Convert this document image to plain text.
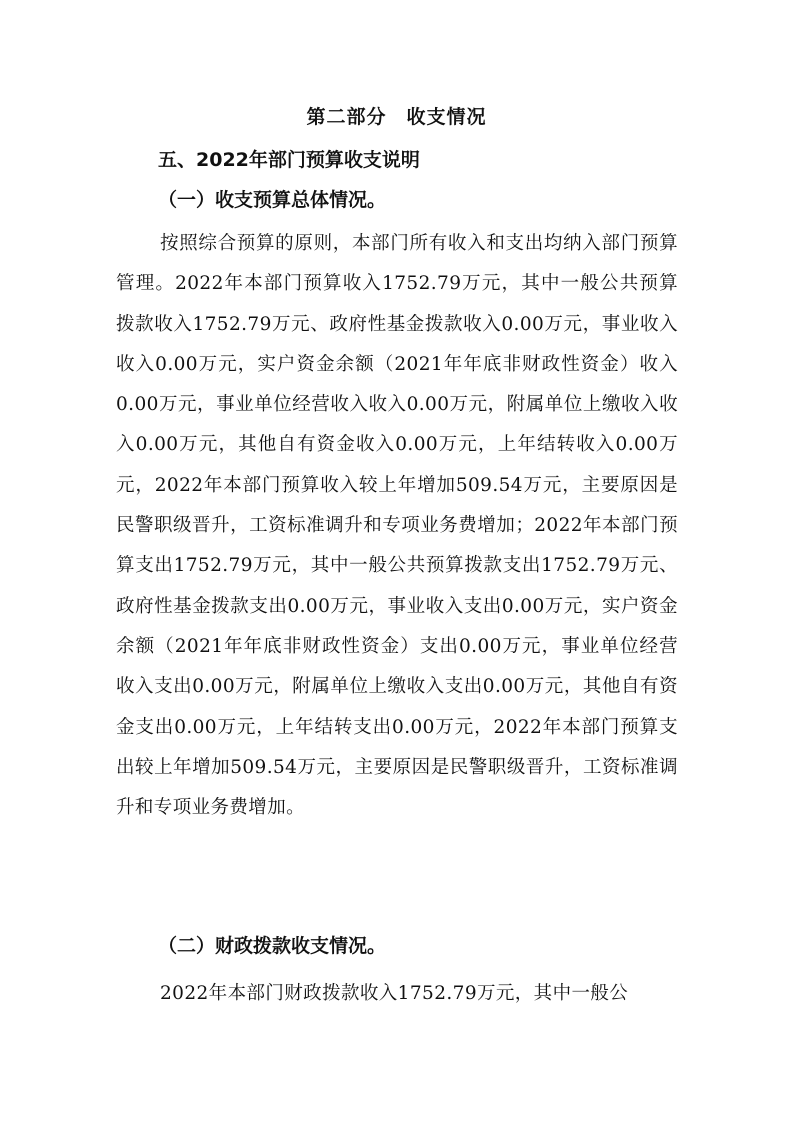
第二部分　收支情况
五、2022年部门预算收支说明
（一）收支预算总体情况。

按照综合预算的原则，本部门所有收入和支出均纳入部门预算管理。2022年本部门预算收入1752.79万元，其中一般公共预算拨款收入1752.79万元、政府性基金拨款收入0.00万元，事业收入收入0.00万元，实户资金余额（2021年年底非财政性资金）收入0.00万元，事业单位经营收入收入0.00万元，附属单位上缴收入收入0.00万元，其他自有资金收入0.00万元，上年结转收入0.00万元，2022年本部门预算收入较上年增加509.54万元，主要原因是民警职级晋升，工资标准调升和专项业务费增加；2022年本部门预算支出1752.79万元，其中一般公共预算拨款支出1752.79万元、政府性基金拨款支出0.00万元，事业收入支出0.00万元，实户资金余额（2021年年底非财政性资金）支出0.00万元，事业单位经营收入支出0.00万元，附属单位上缴收入支出0.00万元，其他自有资金支出0.00万元，上年结转支出0.00万元，2022年本部门预算支出较上年增加509.54万元，主要原因是民警职级晋升，工资标准调升和专项业务费增加。

（二）财政拨款收支情况。

2022年本部门财政拨款收入1752.79万元，其中一般公
